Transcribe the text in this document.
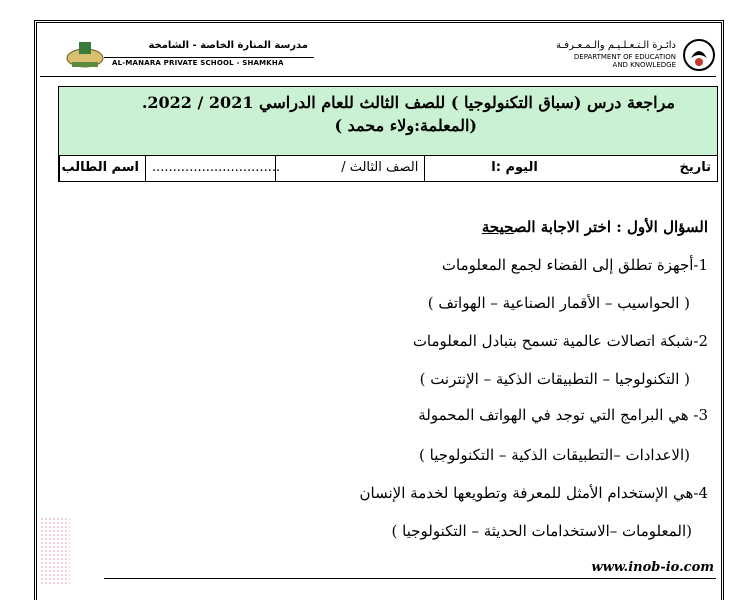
مدرسة المنارة الخاصة - الشامخة
AL-MANARA PRIVATE SCHOOL - SHAMKHA
دائـرة الـتـعـلـيـم والـمـعـرفـة
DEPARTMENT OF EDUCATION
AND KNOWLEDGE
مراجعة درس (سباق التكنولوجيا ) للصف الثالث للعام الدراسي 2021 / 2022.
(المعلمة:ولاء محمد )
اسم الطالب	...............................	الصف الثالث /	اليوم :ا	تاريخ
السؤال الأول : اختر الاجابة الصحيحة
1-أجهزة تطلق إلى الفضاء لجمع المعلومات
( الحواسيب – الأقمار الصناعية – الهواتف )
2-شبكة اتصالات عالمية تسمح بتبادل المعلومات
( التكنولوجيا – التطبيقات الذكية – الإنترنت )
3- هي البرامج التي توجد في الهواتف المحمولة
(الاعدادات –التطبيقات الذكية – التكنولوجيا )
4-هي الإستخدام الأمثل للمعرفة وتطويعها لخدمة الإنسان
(المعلومات –الاستخدامات الحديثة – التكنولوجيا )
www.inob-io.com
